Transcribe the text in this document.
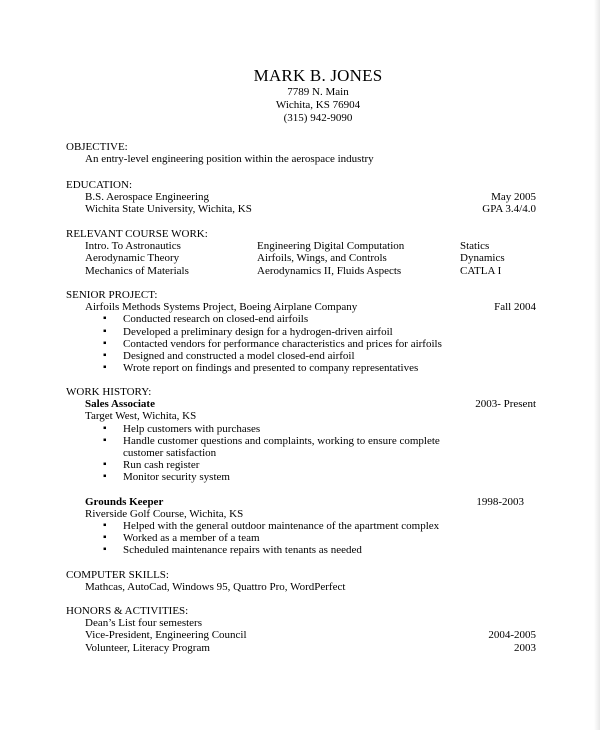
MARK B. JONES
7789 N. Main
Wichita, KS 76904
(315) 942-9090
OBJECTIVE:
An entry-level engineering position within the aerospace industry
EDUCATION:
B.S. Aerospace Engineering	May 2005
Wichita State University, Wichita, KS	GPA 3.4/4.0
RELEVANT COURSE WORK:
Intro. To Astronautics	Engineering Digital Computation	Statics
Aerodynamic Theory	Airfoils, Wings, and Controls	Dynamics
Mechanics of Materials	Aerodynamics II, Fluids Aspects	CATLA I
SENIOR PROJECT:
Airfoils Methods Systems Project, Boeing Airplane Company	Fall 2004
▪ Conducted research on closed-end airfoils
▪ Developed a preliminary design for a hydrogen-driven airfoil
▪ Contacted vendors for performance characteristics and prices for airfoils
▪ Designed and constructed a model closed-end airfoil
▪ Wrote report on findings and presented to company representatives
WORK HISTORY:
Sales Associate	2003- Present
Target West, Wichita, KS
▪ Help customers with purchases
▪ Handle customer questions and complaints, working to ensure complete customer satisfaction
▪ Run cash register
▪ Monitor security system
Grounds Keeper	1998-2003
Riverside Golf Course, Wichita, KS
▪ Helped with the general outdoor maintenance of the apartment complex
▪ Worked as a member of a team
▪ Scheduled maintenance repairs with tenants as needed
COMPUTER SKILLS:
Mathcas, AutoCad, Windows 95, Quattro Pro, WordPerfect
HONORS & ACTIVITIES:
Dean’s List four semesters
Vice-President, Engineering Council	2004-2005
Volunteer, Literacy Program	2003
